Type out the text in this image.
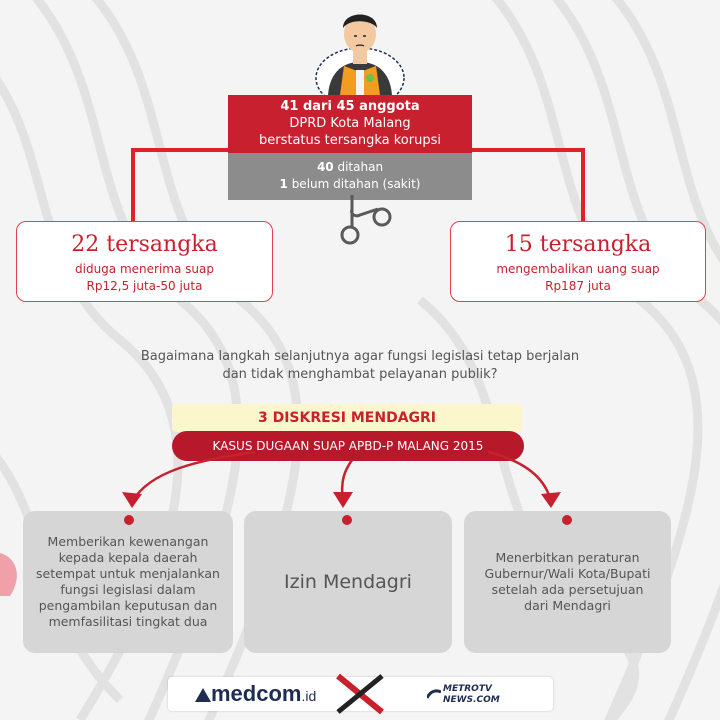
41 dari 45 anggota
DPRD Kota Malang
berstatus tersangka korupsi
40 ditahan
1 belum ditahan (sakit)
22 tersangka
diduga menerima suap
Rp12,5 juta-50 juta
15 tersangka
mengembalikan uang suap
Rp187 juta
Bagaimana langkah selanjutnya agar fungsi legislasi tetap berjalan
dan tidak menghambat pelayanan publik?
3 DISKRESI MENDAGRI
KASUS DUGAAN SUAP APBD-P MALANG 2015
Memberikan kewenangan kepada kepala daerah setempat untuk menjalankan fungsi legislasi dalam pengambilan keputusan dan memfasilitasi tingkat dua
Izin Mendagri
Menerbitkan peraturan Gubernur/Wali Kota/Bupati setelah ada persetujuan dari Mendagri
medcom.id	METROTV
NEWS.COM
